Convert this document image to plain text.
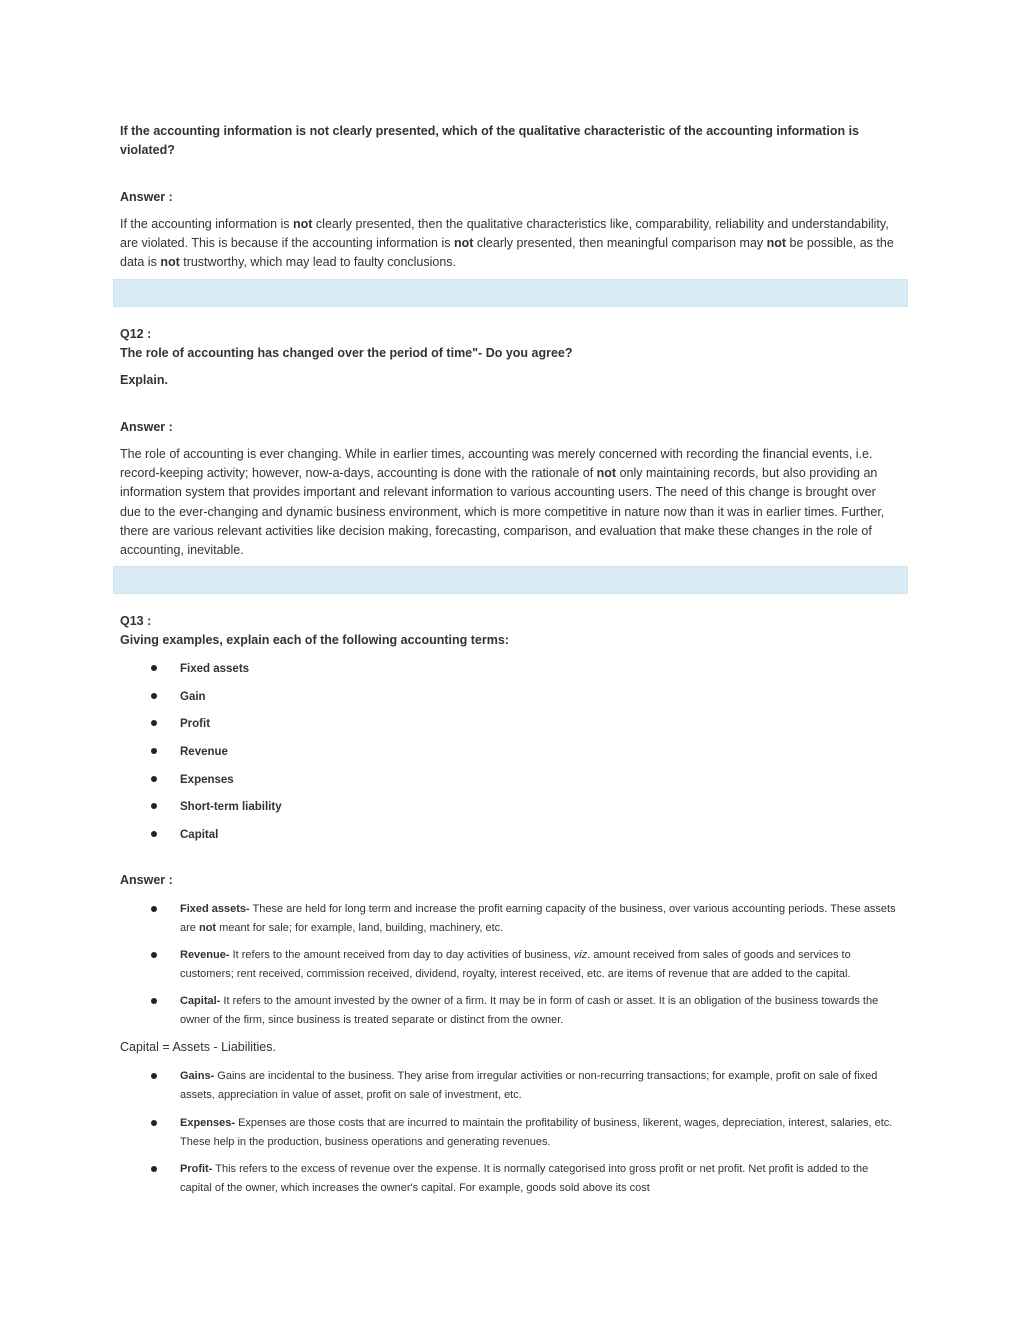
If the accounting information is not clearly presented, which of the qualitative characteristic of the accounting information is violated?
Answer :
If the accounting information is not clearly presented, then the qualitative characteristics like, comparability, reliability and understandability, are violated. This is because if the accounting information is not clearly presented, then meaningful comparison may not be possible, as the data is not trustworthy, which may lead to faulty conclusions.
Q12 :
The role of accounting has changed over the period of time"- Do you agree?
Explain.
Answer :
The role of accounting is ever changing. While in earlier times, accounting was merely concerned with recording the financial events, i.e. record-keeping activity; however, now-a-days, accounting is done with the rationale of not only maintaining records, but also providing an information system that provides important and relevant information to various accounting users. The need of this change is brought over due to the ever-changing and dynamic business environment, which is more competitive in nature now than it was in earlier times. Further, there are various relevant activities like decision making, forecasting, comparison, and evaluation that make these changes in the role of accounting, inevitable.
Q13 :
Giving examples, explain each of the following accounting terms:
Fixed assets
Gain
Profit
Revenue
Expenses
Short-term liability
Capital
Answer :
Fixed assets- These are held for long term and increase the profit earning capacity of the business, over various accounting periods. These assets are not meant for sale; for example, land, building, machinery, etc.
Revenue- It refers to the amount received from day to day activities of business, viz. amount received from sales of goods and services to customers; rent received, commission received, dividend, royalty, interest received, etc. are items of revenue that are added to the capital.
Capital- It refers to the amount invested by the owner of a firm. It may be in form of cash or asset. It is an obligation of the business towards the owner of the firm, since business is treated separate or distinct from the owner.
Capital = Assets - Liabilities.
Gains- Gains are incidental to the business. They arise from irregular activities or non-recurring transactions; for example, profit on sale of fixed assets, appreciation in value of asset, profit on sale of investment, etc.
Expenses- Expenses are those costs that are incurred to maintain the profitability of business, likerent, wages, depreciation, interest, salaries, etc. These help in the production, business operations and generating revenues.
Profit- This refers to the excess of revenue over the expense. It is normally categorised into gross profit or net profit. Net profit is added to the capital of the owner, which increases the owner's capital. For example, goods sold above its cost
